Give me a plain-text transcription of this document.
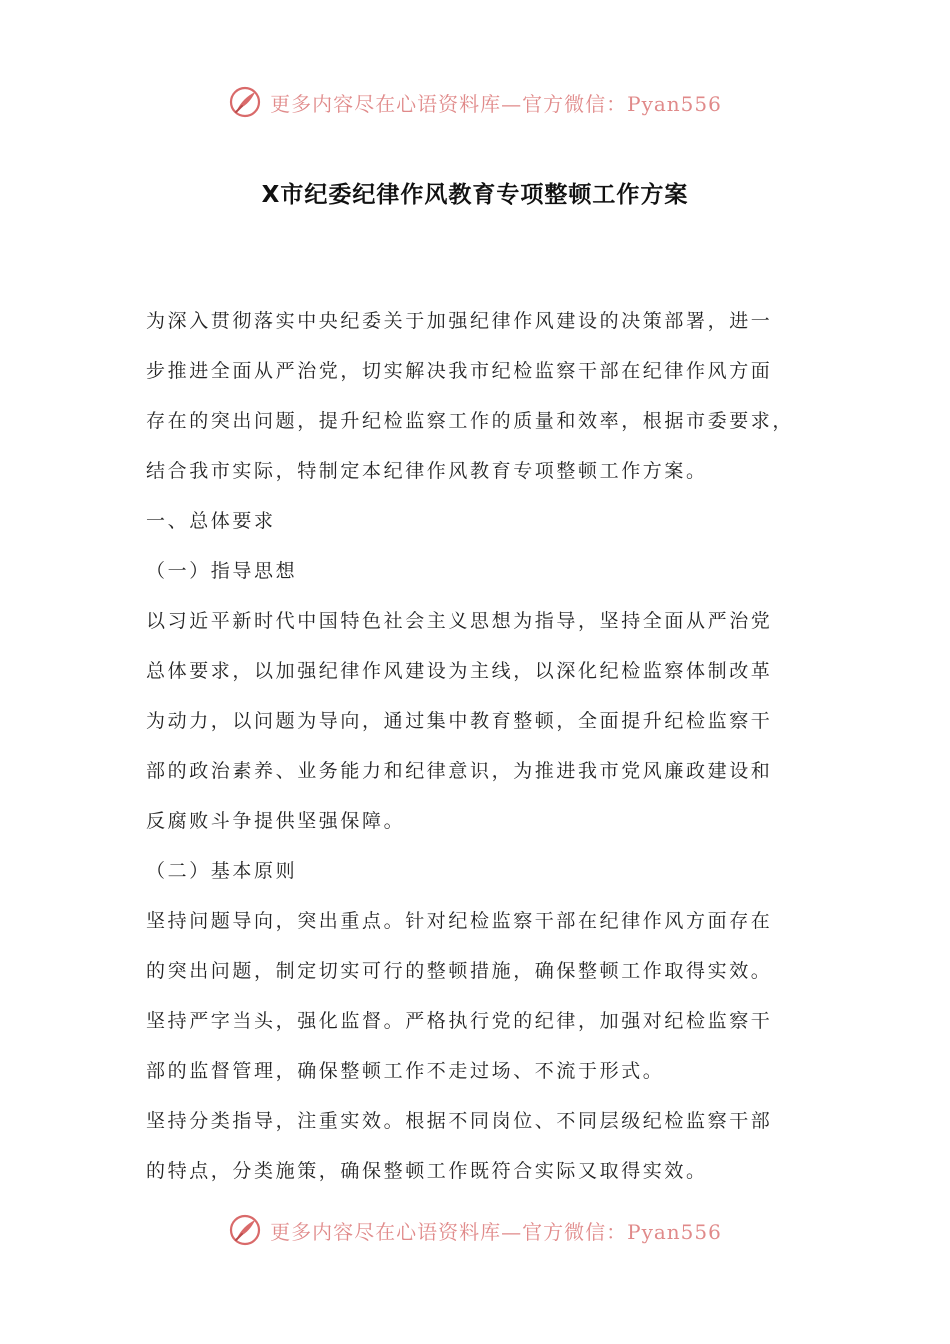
更多内容尽在心语资料库—官方微信：Pyan556
X市纪委纪律作风教育专项整顿工作方案

为深入贯彻落实中央纪委关于加强纪律作风建设的决策部署，进一

步推进全面从严治党，切实解决我市纪检监察干部在纪律作风方面

存在的突出问题，提升纪检监察工作的质量和效率，根据市委要求，

结合我市实际，特制定本纪律作风教育专项整顿工作方案。

一、总体要求

（一）指导思想

以习近平新时代中国特色社会主义思想为指导，坚持全面从严治党

总体要求，以加强纪律作风建设为主线，以深化纪检监察体制改革

为动力，以问题为导向，通过集中教育整顿，全面提升纪检监察干

部的政治素养、业务能力和纪律意识，为推进我市党风廉政建设和

反腐败斗争提供坚强保障。

（二）基本原则

坚持问题导向，突出重点。针对纪检监察干部在纪律作风方面存在

的突出问题，制定切实可行的整顿措施，确保整顿工作取得实效。

坚持严字当头，强化监督。严格执行党的纪律，加强对纪检监察干

部的监督管理，确保整顿工作不走过场、不流于形式。

坚持分类指导，注重实效。根据不同岗位、不同层级纪检监察干部

的特点，分类施策，确保整顿工作既符合实际又取得实效。

更多内容尽在心语资料库—官方微信：Pyan556
